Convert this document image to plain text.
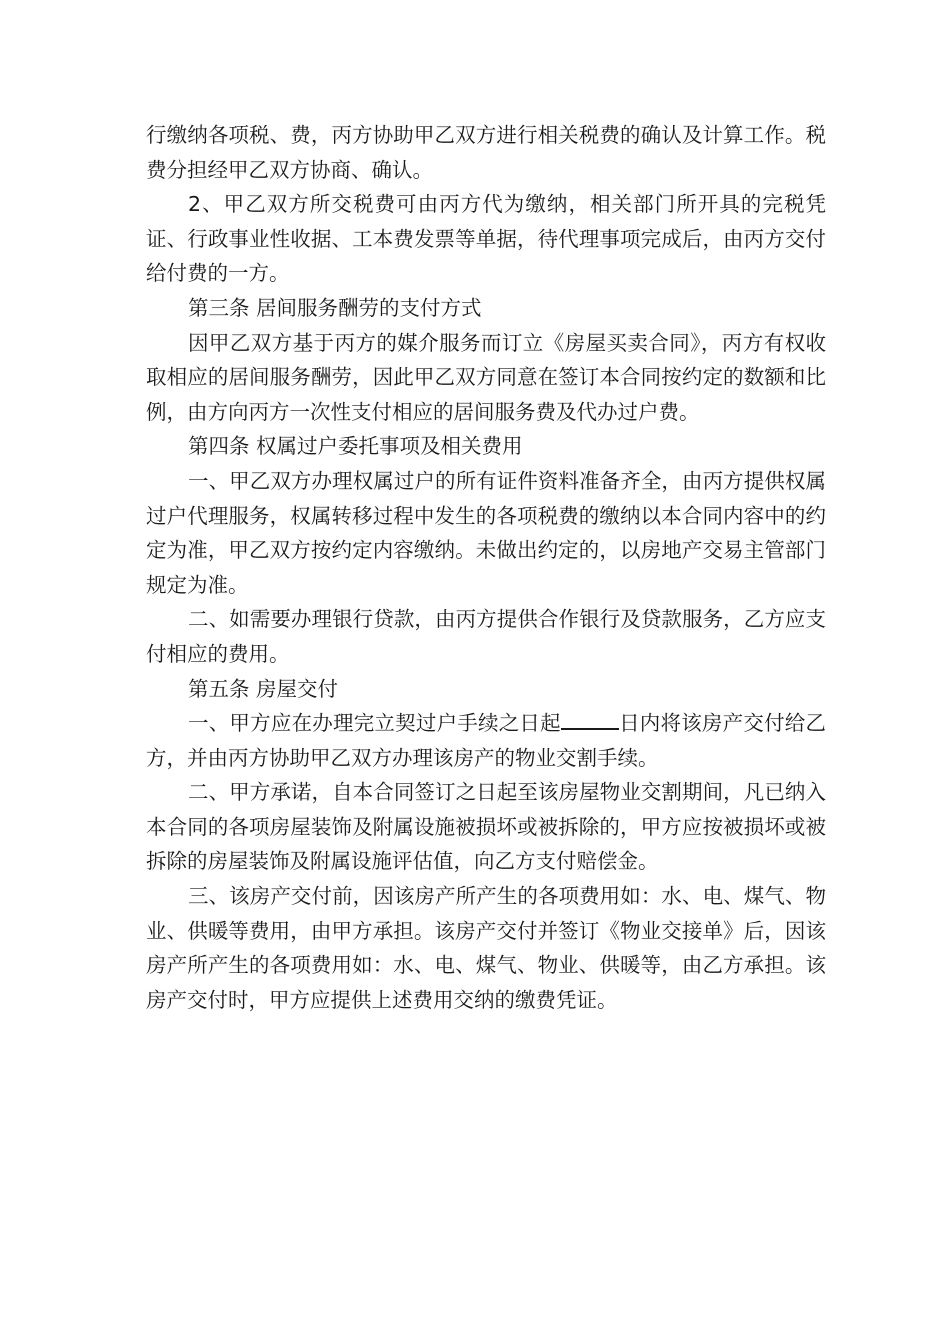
行缴纳各项税、费，丙方协助甲乙双方进行相关税费的确认及计算工作。税费分担经甲乙双方协商、确认。

2、甲乙双方所交税费可由丙方代为缴纳，相关部门所开具的完税凭证、行政事业性收据、工本费发票等单据，待代理事项完成后，由丙方交付给付费的一方。

第三条 居间服务酬劳的支付方式

因甲乙双方基于丙方的媒介服务而订立《房屋买卖合同》，丙方有权收取相应的居间服务酬劳，因此甲乙双方同意在签订本合同按约定的数额和比例，由方向丙方一次性支付相应的居间服务费及代办过户费。

第四条 权属过户委托事项及相关费用

一、甲乙双方办理权属过户的所有证件资料准备齐全，由丙方提供权属过户代理服务，权属转移过程中发生的各项税费的缴纳以本合同内容中的约定为准，甲乙双方按约定内容缴纳。未做出约定的，以房地产交易主管部门规定为准。

二、如需要办理银行贷款，由丙方提供合作银行及贷款服务，乙方应支付相应的费用。

第五条 房屋交付

一、甲方应在办理完立契过户手续之日起	日内将该房产交付给乙方，并由丙方协助甲乙双方办理该房产的物业交割手续。

二、甲方承诺，自本合同签订之日起至该房屋物业交割期间，凡已纳入本合同的各项房屋装饰及附属设施被损坏或被拆除的，甲方应按被损坏或被拆除的房屋装饰及附属设施评估值，向乙方支付赔偿金。

三、该房产交付前，因该房产所产生的各项费用如：水、电、煤气、物业、供暖等费用，由甲方承担。该房产交付并签订《物业交接单》后，因该房产所产生的各项费用如：水、电、煤气、物业、供暖等，由乙方承担。该房产交付时，甲方应提供上述费用交纳的缴费凭证。
